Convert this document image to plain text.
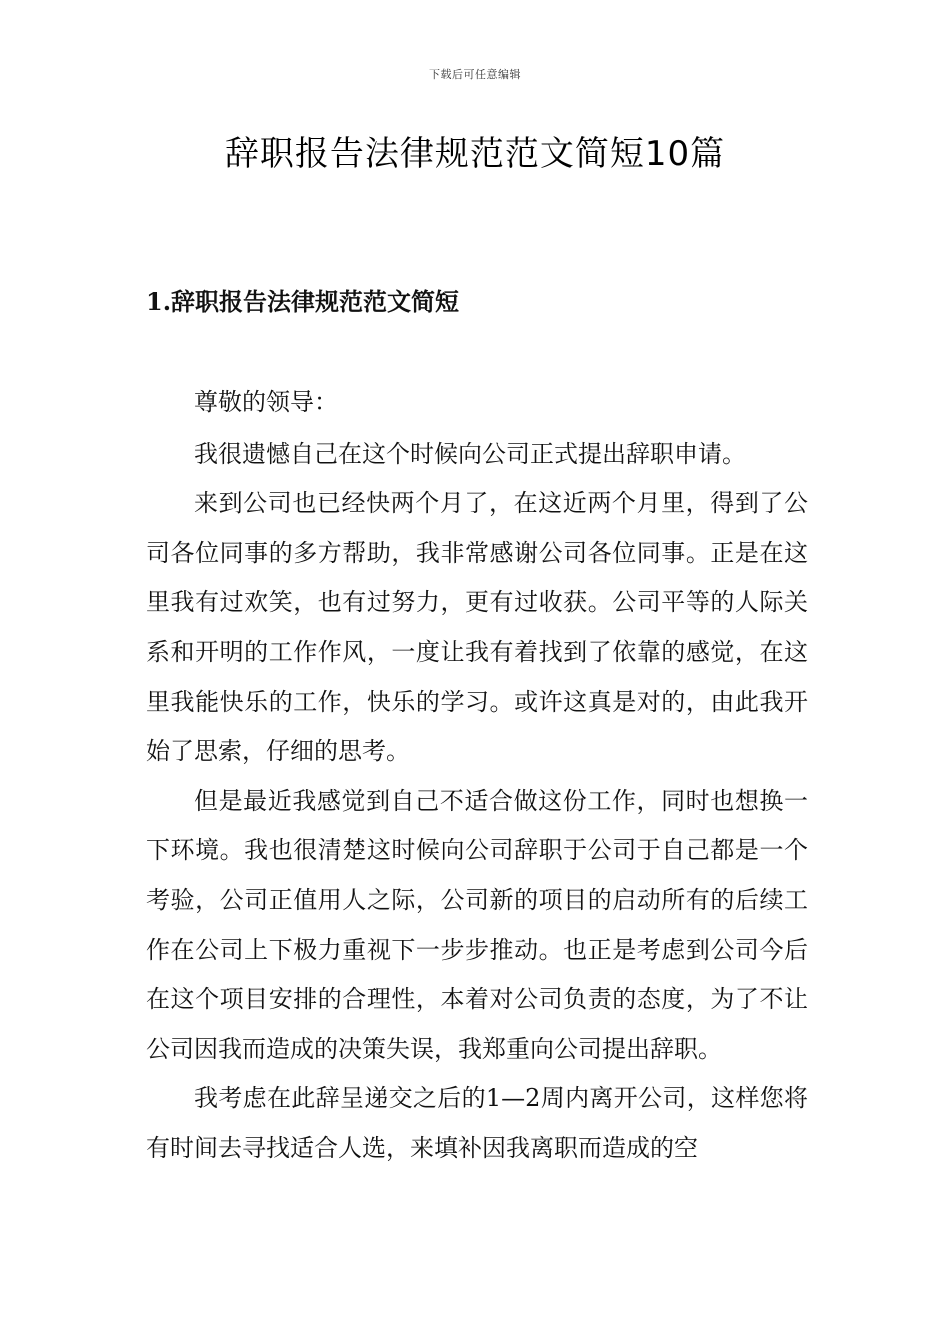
下载后可任意编辑
辞职报告法律规范范文简短10篇
1.辞职报告法律规范范文简短

尊敬的领导：

我很遗憾自己在这个时候向公司正式提出辞职申请。

来到公司也已经快两个月了，在这近两个月里，得到了公司各位同事的多方帮助，我非常感谢公司各位同事。正是在这里我有过欢笑，也有过努力，更有过收获。公司平等的人际关系和开明的工作作风，一度让我有着找到了依靠的感觉，在这里我能快乐的工作，快乐的学习。或许这真是对的，由此我开始了思索，仔细的思考。

但是最近我感觉到自己不适合做这份工作，同时也想换一下环境。我也很清楚这时候向公司辞职于公司于自己都是一个考验，公司正值用人之际，公司新的项目的启动所有的后续工作在公司上下极力重视下一步步推动。也正是考虑到公司今后在这个项目安排的合理性，本着对公司负责的态度，为了不让公司因我而造成的决策失误，我郑重向公司提出辞职。

我考虑在此辞呈递交之后的1—2周内离开公司，这样您将有时间去寻找适合人选，来填补因我离职而造成的空
